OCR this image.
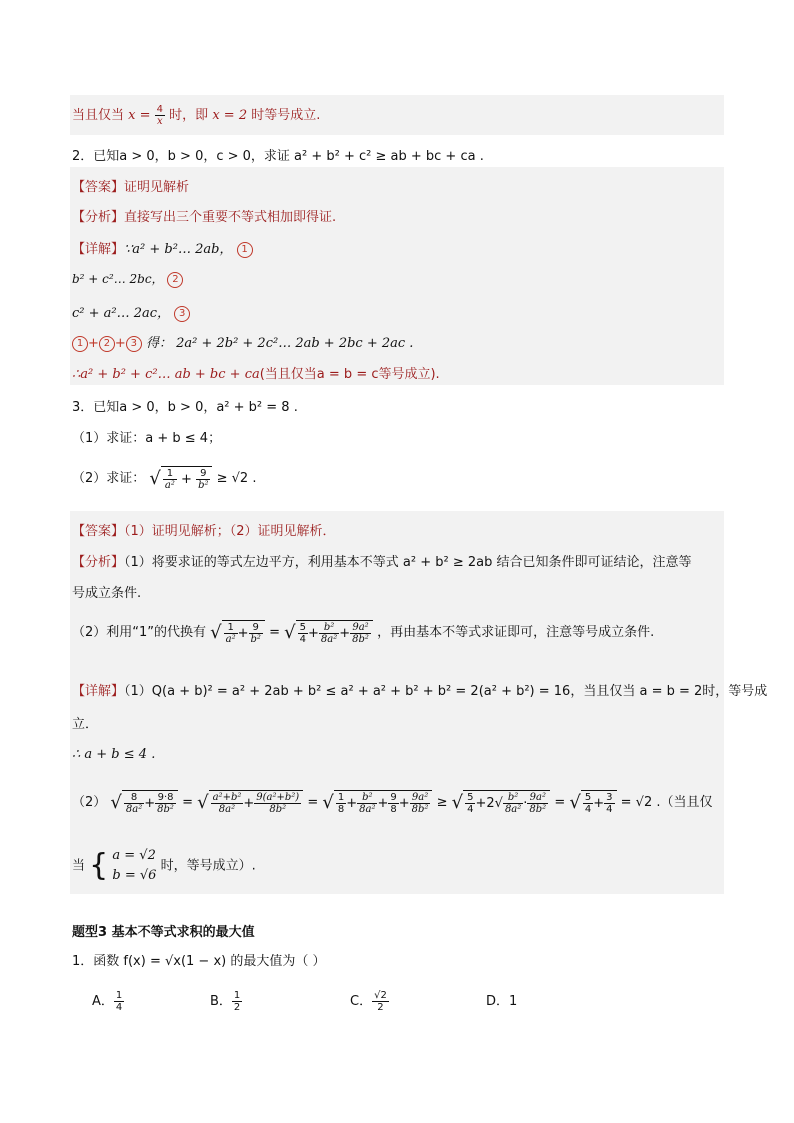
当且仅当 $x = \frac{4}{x}$ 时，即 x = 2 时等号成立.
2．已知a > 0，b > 0，c > 0，求证 a² + b² + c² ≥ ab + bc + ca .
【答案】证明见解析
【分析】直接写出三个重要不等式相加即得证.
【详解】∵a² + b²… 2ab， 1
b² + c²… 2bc， 2
c² + a²… 2ac， 3
1 + 2 + 3 得： 2a² + 2b² + 2c²… 2ab + 2bc + 2ac .
∴a² + b² + c²… ab + bc + ca(当且仅当a = b = c等号成立).
3．已知a > 0，b > 0，a² + b² = 8 .
（1）求证：a + b ≤ 4；
（2）求证： √ $\frac{1}{\text{a²}} + \frac{9}{\text{b²}} \ge √2$ .
【答案】（1）证明见解析；（2）证明见解析．
【分析】（1）将要求证的等式左边平方，利用基本不等式 a² + b² ≥ 2ab 结合已知条件即可证结论，注意等
号成立条件.
（2）利用“1”的代换有 √ $\frac{1}{\text{a²}} + \frac{9}{\text{b²}}$ = √ $\frac{5}{4} + \frac{\text{b²}}{\text{8a²}} + \frac{\text{9a²}}{\text{8b²}}$ ，再由基本不等式求证即可，注意等号成立条件.
【详解】（1）Q(a + b)² = a² + 2ab + b² ≤ a² + a² + b² + b² = 2(a² + b²) = 16，当且仅当 a = b = 2时，等号成
立．
∴ a + b ≤ 4 .
（2） √ $\frac{8}{\text{8a²}} + \frac{9\cdot 8}{\text{8b²}}$ = √ $\frac{\text{a²+b²}}{\text{8a²}} + \frac{\text{9(a²+b²)}}{\text{8b²}}$ = √ $\frac{1}{8} + \frac{\text{b²}}{\text{8a²}} + \frac{9}{8} + \frac{\text{9a²}}{\text{8b²}}$ ≥ √ $\frac{5}{4} +2√ \frac{\text{b²}}{\text{8a²}} \cdot \frac{\text{9a²}}{\text{8b²}}$ = √ $\frac{5}{4} + \frac{3}{4} = √2$ .（当且仅
当 { a = √2
b = √6
时，等号成立）.
题型3 基本不等式求积的最大值
1．函数 f(x) = √x(1 − x) 的最大值为（ ）
A． $\frac{1}{4}$	B． $\frac{1}{2}$	C． $\frac{√2}{2}$	D．1
